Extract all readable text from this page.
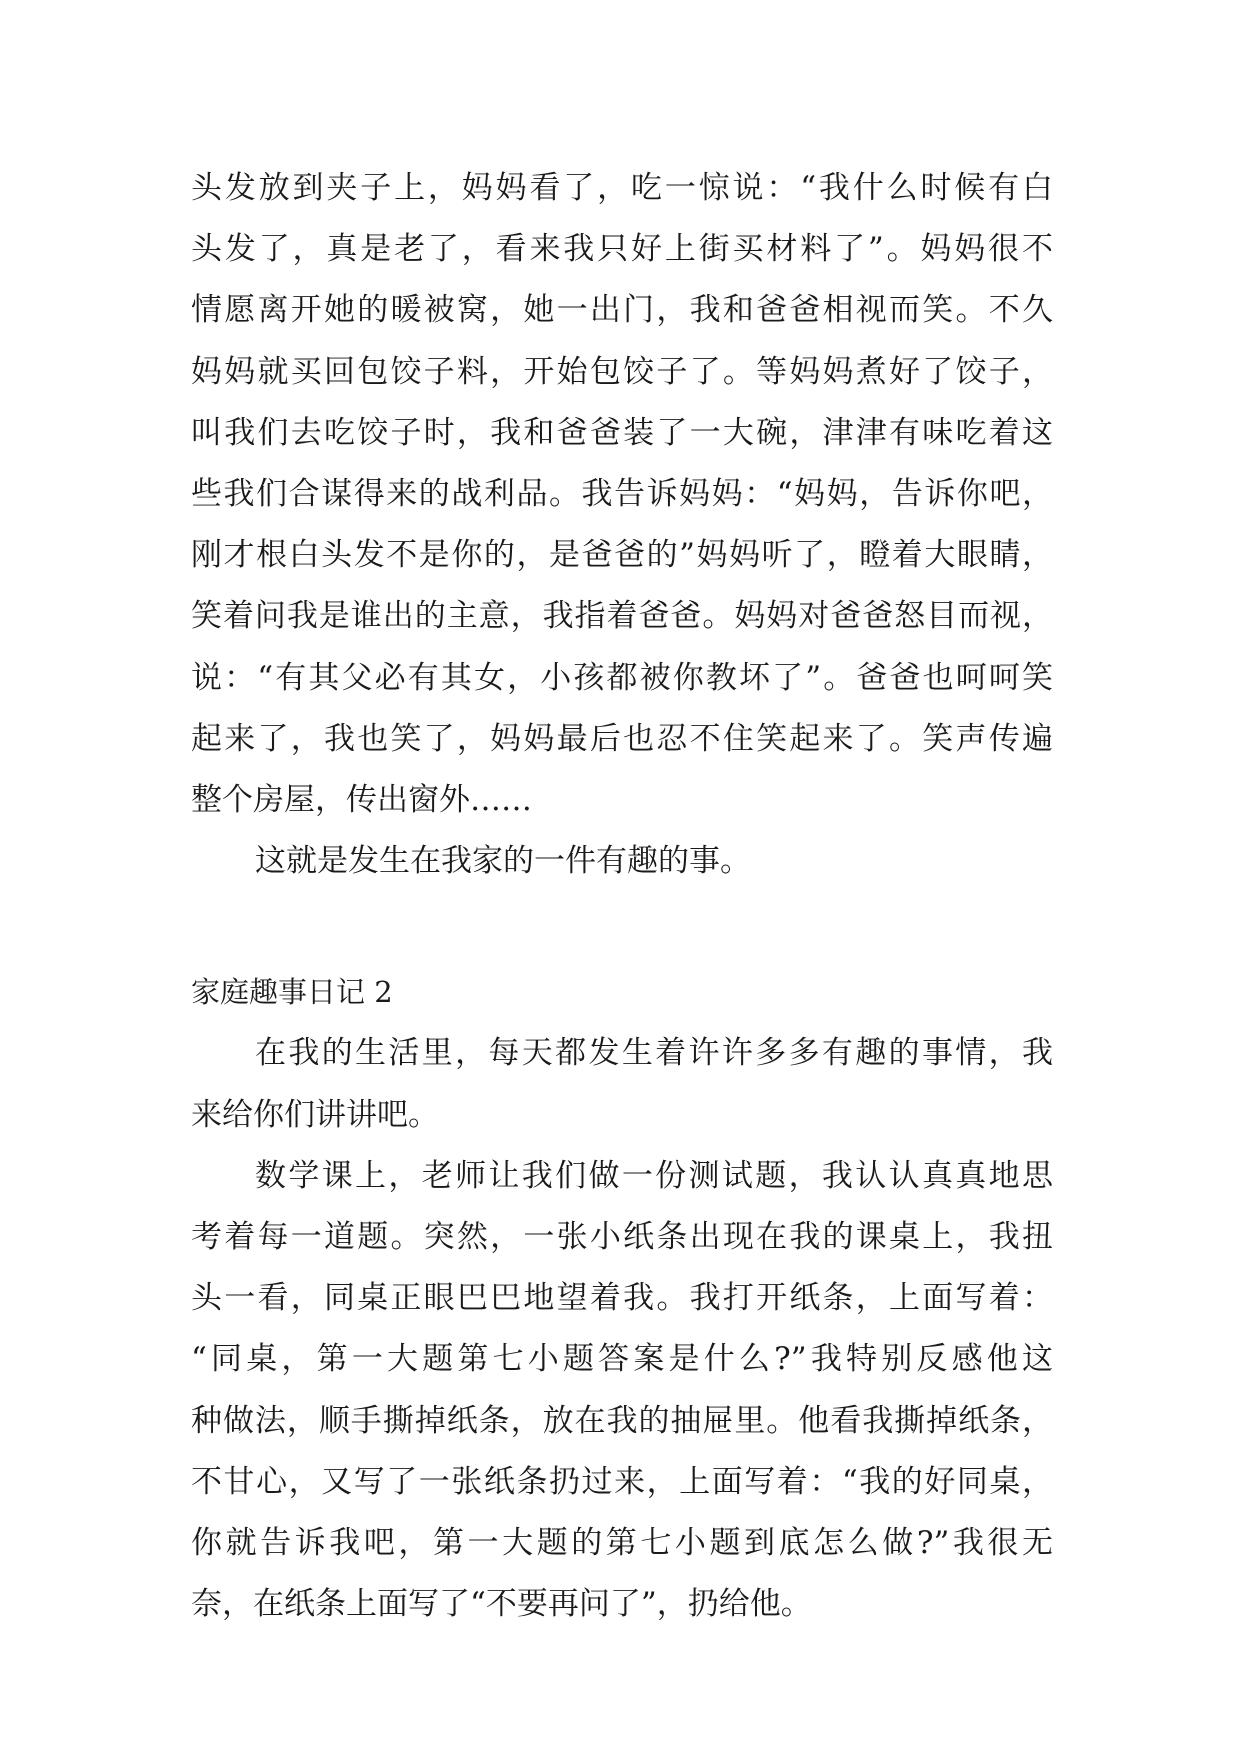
头发放到夹子上，妈妈看了，吃一惊说：“我什么时候有白
头发了，真是老了，看来我只好上街买材料了”。妈妈很不
情愿离开她的暖被窝，她一出门，我和爸爸相视而笑。不久
妈妈就买回包饺子料，开始包饺子了。等妈妈煮好了饺子，
叫我们去吃饺子时，我和爸爸装了一大碗，津津有味吃着这
些我们合谋得来的战利品。我告诉妈妈：“妈妈，告诉你吧，
刚才根白头发不是你的，是爸爸的”妈妈听了，瞪着大眼睛，
笑着问我是谁出的主意，我指着爸爸。妈妈对爸爸怒目而视，
说：“有其父必有其女，小孩都被你教坏了”。爸爸也呵呵笑
起来了，我也笑了，妈妈最后也忍不住笑起来了。笑声传遍
整个房屋，传出窗外……
这就是发生在我家的一件有趣的事。
家庭趣事日记 2
在我的生活里，每天都发生着许许多多有趣的事情，我
来给你们讲讲吧。
数学课上，老师让我们做一份测试题，我认认真真地思
考着每一道题。突然，一张小纸条出现在我的课桌上，我扭
头一看，同桌正眼巴巴地望着我。我打开纸条，上面写着：
“同桌，第一大题第七小题答案是什么?”我特别反感他这
种做法，顺手撕掉纸条，放在我的抽屉里。他看我撕掉纸条，
不甘心，又写了一张纸条扔过来，上面写着：“我的好同桌，
你就告诉我吧，第一大题的第七小题到底怎么做?”我很无
奈，在纸条上面写了“不要再问了”，扔给他。
